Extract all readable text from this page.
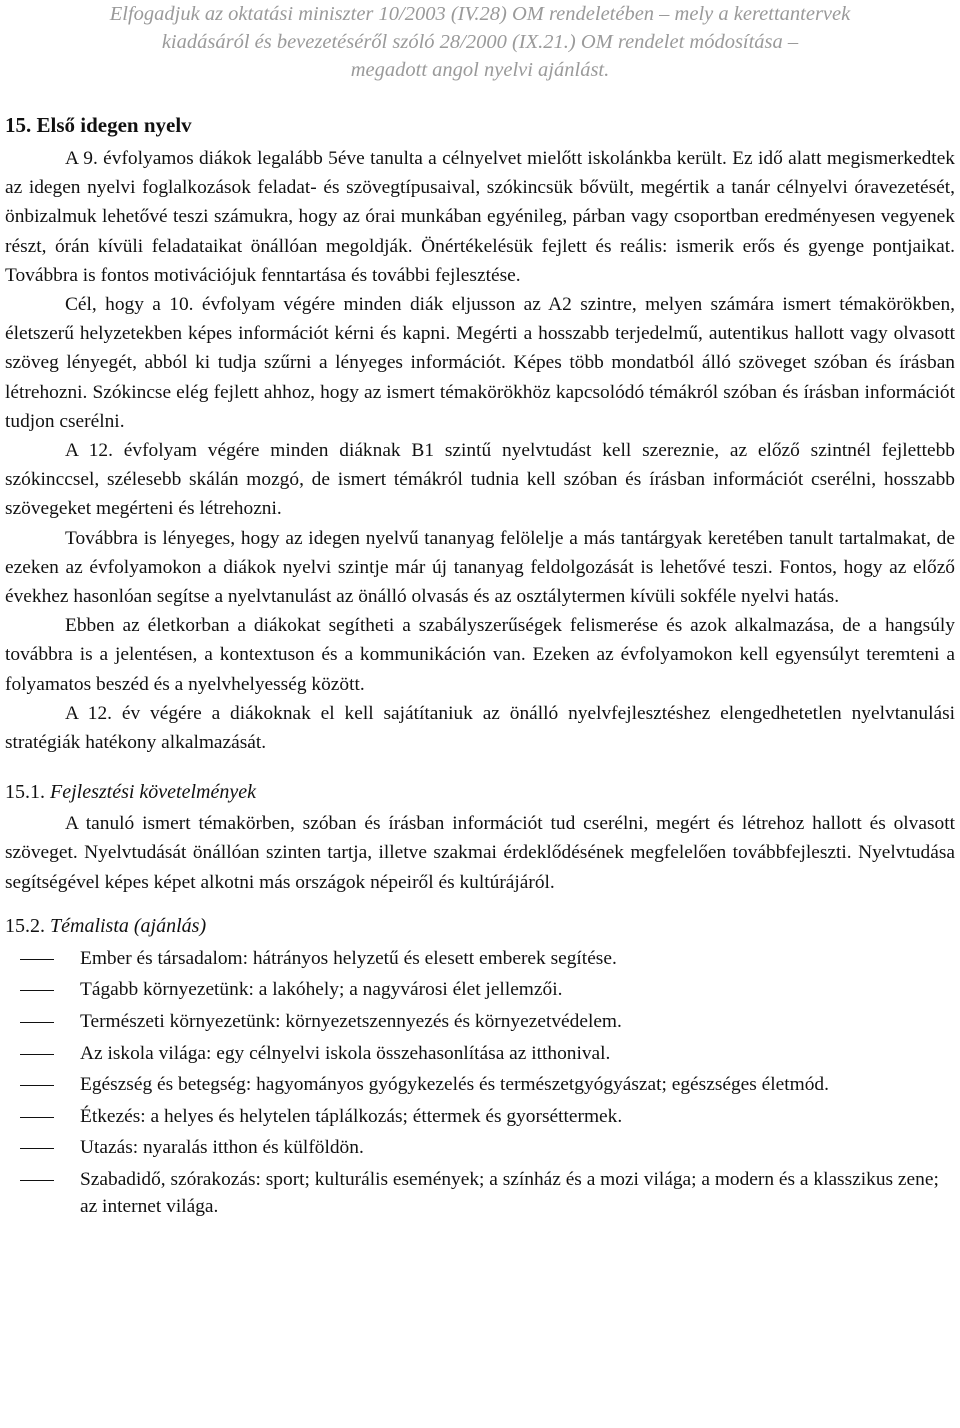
Elfogadjuk az oktatási miniszter 10/2003 (IV.28) OM rendeletében – mely a kerettantervek
kiadásáról és bevezetéséről szóló 28/2000 (IX.21.) OM rendelet módosítása –
megadott angol nyelvi ajánlást.
15. Első idegen nyelv

A 9. évfolyamos diákok legalább 5éve tanulta a célnyelvet mielőtt iskolánkba került. Ez idő alatt megismerkedtek az idegen nyelvi foglalkozások feladat- és szövegtípusaival, szókincsük bővült, megértik a tanár célnyelvi óravezetését, önbizalmuk lehetővé teszi számukra, hogy az órai munkában egyénileg, párban vagy csoportban eredményesen vegyenek részt, órán kívüli feladataikat önállóan megoldják. Önértékelésük fejlett és reális: ismerik erős és gyenge pontjaikat. Továbbra is fontos motivációjuk fenntartása és további fejlesztése.

Cél, hogy a 10. évfolyam végére minden diák eljusson az A2 szintre, melyen számára ismert témakörökben, életszerű helyzetekben képes információt kérni és kapni. Megérti a hosszabb terjedelmű, autentikus hallott vagy olvasott szöveg lényegét, abból ki tudja szűrni a lényeges információt. Képes több mondatból álló szöveget szóban és írásban létrehozni. Szókincse elég fejlett ahhoz, hogy az ismert témakörökhöz kapcsolódó témákról szóban és írásban információt tudjon cserélni.

A 12. évfolyam végére minden diáknak B1 szintű nyelvtudást kell szereznie, az előző szintnél fejlettebb szókinccsel, szélesebb skálán mozgó, de ismert témákról tudnia kell szóban és írásban információt cserélni, hosszabb szövegeket megérteni és létrehozni.

Továbbra is lényeges, hogy az idegen nyelvű tananyag felölelje a más tantárgyak keretében tanult tartalmakat, de ezeken az évfolyamokon a diákok nyelvi szintje már új tananyag feldolgozását is lehetővé teszi. Fontos, hogy az előző évekhez hasonlóan segítse a nyelvtanulást az önálló olvasás és az osztálytermen kívüli sokféle nyelvi hatás.

Ebben az életkorban a diákokat segítheti a szabályszerűségek felismerése és azok alkalmazása, de a hangsúly továbbra is a jelentésen, a kontextuson és a kommunikáción van. Ezeken az évfolyamokon kell egyensúlyt teremteni a folyamatos beszéd és a nyelvhelyesség között.

A 12. év végére a diákoknak el kell sajátítaniuk az önálló nyelvfejlesztéshez elengedhetetlen nyelvtanulási stratégiák hatékony alkalmazását.

15.1. Fejlesztési követelmények

A tanuló ismert témakörben, szóban és írásban információt tud cserélni, megért és létrehoz hallott és olvasott szöveget. Nyelvtudását önállóan szinten tartja, illetve szakmai érdeklődésének megfelelően továbbfejleszti. Nyelvtudása segítségével képes képet alkotni más országok népeiről és kultúrájáról.

15.2. Témalista (ajánlás)
Ember és társadalom: hátrányos helyzetű és elesett emberek segítése.
Tágabb környezetünk: a lakóhely; a nagyvárosi élet jellemzői.
Természeti környezetünk: környezetszennyezés és környezetvédelem.
Az iskola világa: egy célnyelvi iskola összehasonlítása az itthonival.
Egészség és betegség: hagyományos gyógykezelés és természetgyógyászat; egészséges életmód.
Étkezés: a helyes és helytelen táplálkozás; éttermek és gyorséttermek.
Utazás: nyaralás itthon és külföldön.
Szabadidő, szórakozás: sport; kulturális események; a színház és a mozi világa; a modern és a klasszikus zene; az internet világa.
